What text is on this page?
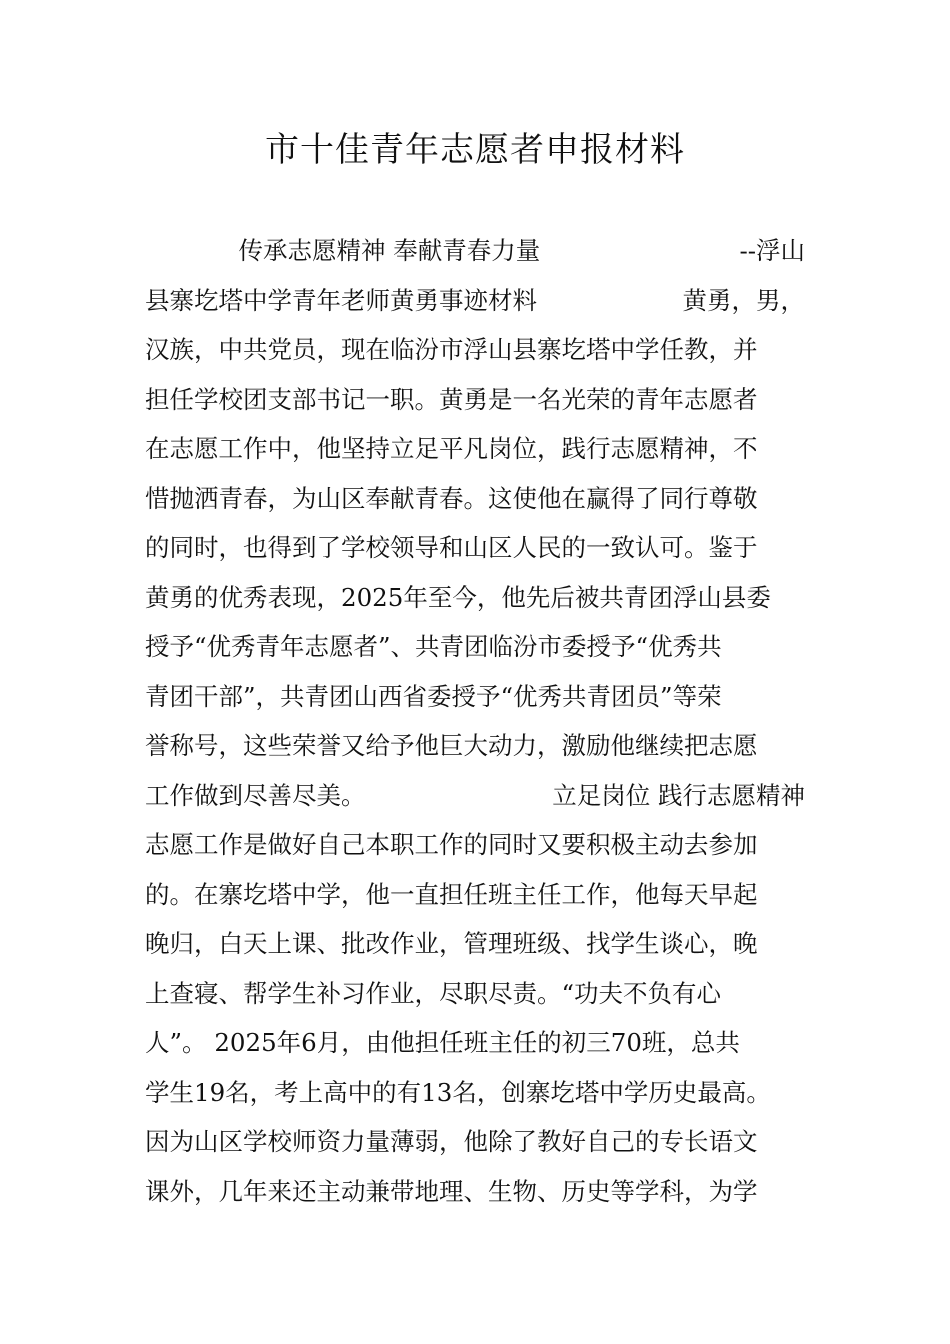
市十佳青年志愿者申报材料
传承志愿精神 奉献青春力量	--浮山
县寨圪塔中学青年老师黄勇事迹材料	黄勇，男，
汉族，中共党员，现在临汾市浮山县寨圪塔中学任教，并
担任学校团支部书记一职。黄勇是一名光荣的青年志愿者
在志愿工作中，他坚持立足平凡岗位，践行志愿精神，不
惜抛洒青春，为山区奉献青春。这使他在赢得了同行尊敬
的同时，也得到了学校领导和山区人民的一致认可。鉴于
黄勇的优秀表现，2025年至今，他先后被共青团浮山县委
授予“优秀青年志愿者”、共青团临汾市委授予“优秀共
青团干部”，共青团山西省委授予“优秀共青团员”等荣
誉称号，这些荣誉又给予他巨大动力，激励他继续把志愿
工作做到尽善尽美。	立足岗位 践行志愿精神
志愿工作是做好自己本职工作的同时又要积极主动去参加
的。在寨圪塔中学，他一直担任班主任工作，他每天早起
晚归，白天上课、批改作业，管理班级、找学生谈心，晚
上查寝、帮学生补习作业，尽职尽责。“功夫不负有心
人”。 2025年6月，由他担任班主任的初三70班，总共
学生19名，考上高中的有13名，创寨圪塔中学历史最高。
因为山区学校师资力量薄弱，他除了教好自己的专长语文
课外，几年来还主动兼带地理、生物、历史等学科，为学
